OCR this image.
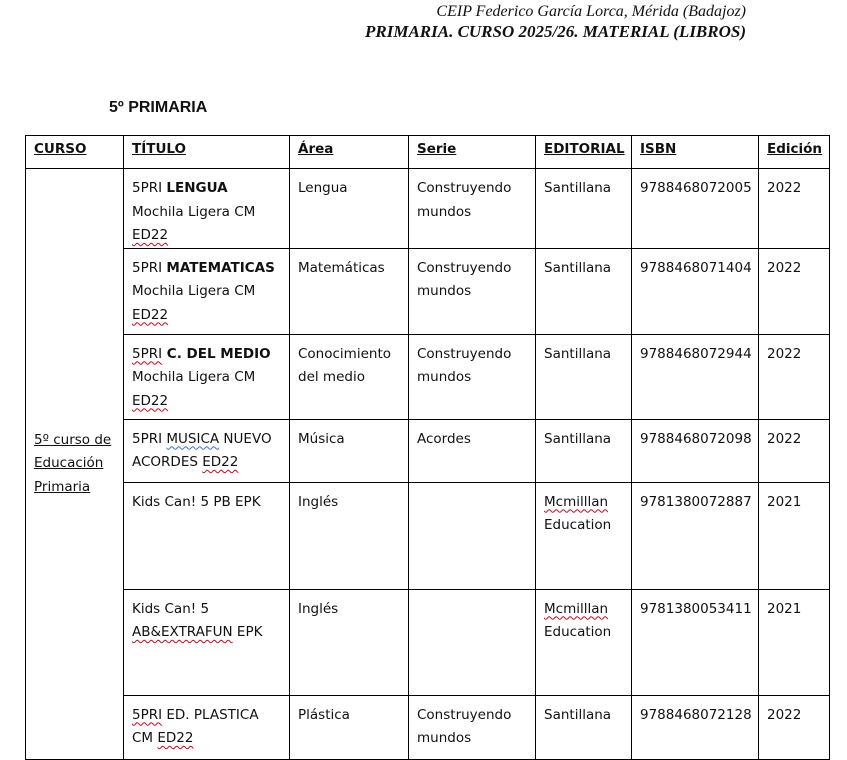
CEIP Federico García Lorca, Mérida (Badajoz)
PRIMARIA. CURSO 2025/26. MATERIAL (LIBROS)
5º PRIMARIA
CURSO	TÍTULO	Área	Serie	EDITORIAL	ISBN	Edición
5º curso de Educación Primaria	5PRI LENGUA Mochila Ligera CM ED22	Lengua	Construyendo mundos	Santillana	9788468072005	2022
	5PRI MATEMATICAS Mochila Ligera CM ED22	Matemáticas	Construyendo mundos	Santillana	9788468071404	2022
	5PRI C. DEL MEDIO Mochila Ligera CM ED22	Conocimiento del medio	Construyendo mundos	Santillana	9788468072944	2022
	5PRI MUSICA NUEVO ACORDES ED22	Música	Acordes	Santillana	9788468072098	2022
	Kids Can! 5 PB EPK	Inglés		Mcmilllan Education	9781380072887	2021
	Kids Can! 5 AB&EXTRAFUN EPK	Inglés		Mcmilllan Education	9781380053411	2021
	5PRI ED. PLASTICA CM ED22	Plástica	Construyendo mundos	Santillana	9788468072128	2022
